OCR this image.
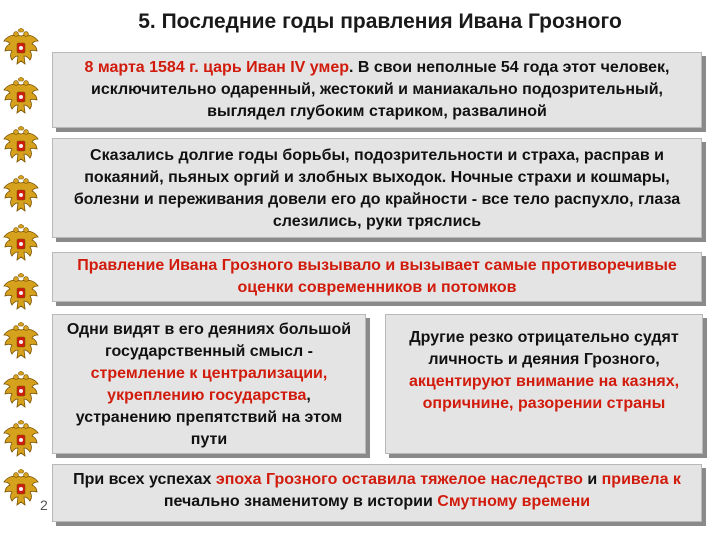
2
5. Последние годы правления Ивана Грозного
8 марта 1584 г. царь Иван IV умер. В свои неполные 54 года этот человек, исключительно одаренный, жестокий и маниакально подозрительный, выглядел глубоким стариком, развалиной
Сказались долгие годы борьбы, подозрительности и страха, расправ и покаяний, пьяных оргий и злобных выходок. Ночные страхи и кошмары, болезни и переживания довели его до крайности - все тело распухло, глаза слезились, руки тряслись
Правление Ивана Грозного вызывало и вызывает самые противоречивые оценки современников и потомков
Одни видят в его деяниях большой государственный смысл - стремление к централизации, укреплению государства, устранению препятствий на этом пути
Другие резко отрицательно судят личность и деяния Грозного, акцентируют внимание на казнях, опричнине, разорении страны
При всех успехах эпоха Грозного оставила тяжелое наследство и привела к печально знаменитому в истории Смутному времени
